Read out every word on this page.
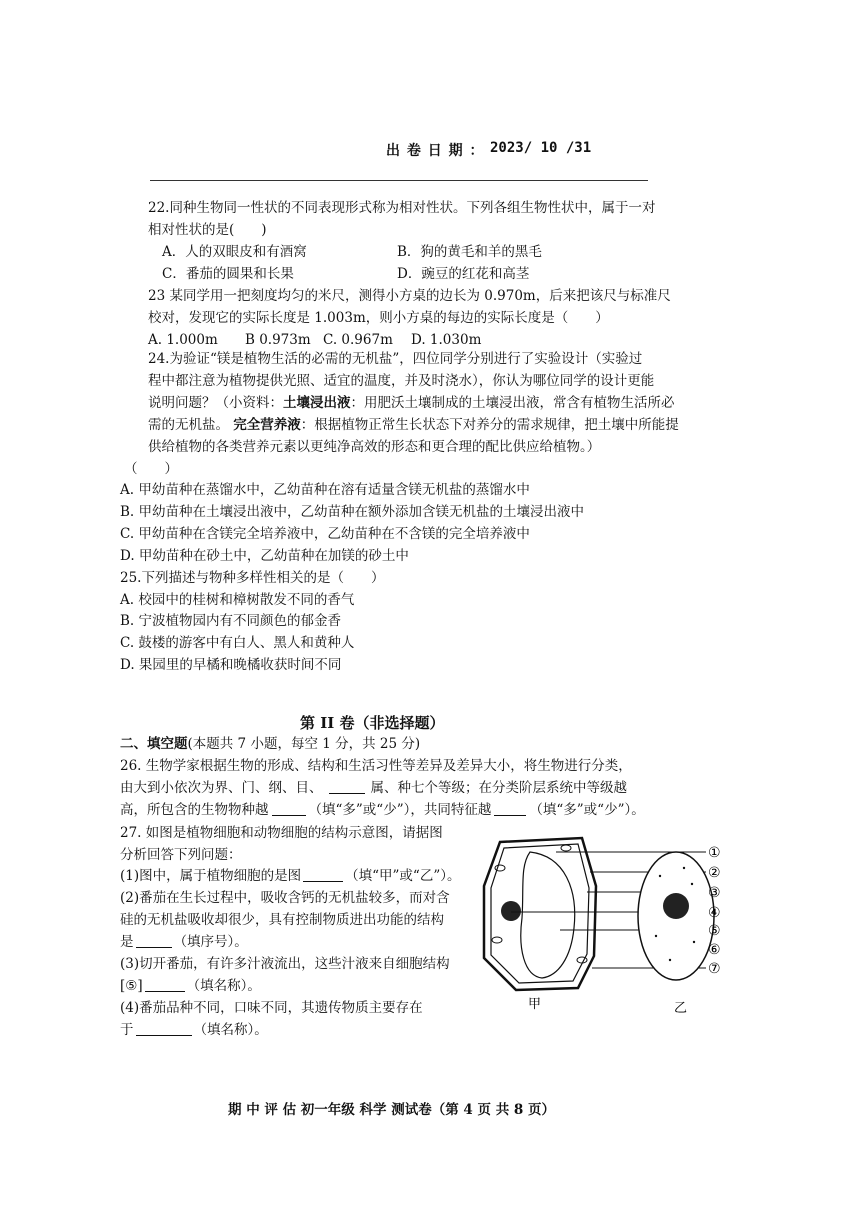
出 卷 日 期 ： 2023/ 10 /31
22.同种生物同一性状的不同表现形式称为相对性状。下列各组生物性状中，属于一对
相对性状的是(　　)
A．人的双眼皮和有酒窝	B．狗的黄毛和羊的黑毛
C．番茄的圆果和长果	D．豌豆的红花和高茎
23 某同学用一把刻度均匀的米尺，测得小方桌的边长为 0.970m，后来把该尺与标准尺
校对，发现它的实际长度是 1.003m，则小方桌的每边的实际长度是（　　）
A. 1.000m B 0.973m C. 0.967m D. 1.030m
24.为验证“镁是植物生活的必需的无机盐”，四位同学分别进行了实验设计（实验过
程中都注意为植物提供光照、适宜的温度，并及时浇水），你认为哪位同学的设计更能
说明问题？（小资料：土壤浸出液：用肥沃土壤制成的土壤浸出液，常含有植物生活所必
需的无机盐。 完全营养液：根据植物正常生长状态下对养分的需求规律，把土壤中所能提
供给植物的各类营养元素以更纯净高效的形态和更合理的配比供应给植物。）
（　　）
A. 甲幼苗种在蒸馏水中，乙幼苗种在溶有适量含镁无机盐的蒸馏水中
B. 甲幼苗种在土壤浸出液中，乙幼苗种在额外添加含镁无机盐的土壤浸出液中
C. 甲幼苗种在含镁完全培养液中，乙幼苗种在不含镁的完全培养液中
D. 甲幼苗种在砂土中，乙幼苗种在加镁的砂土中
25.下列描述与物种多样性相关的是（　　）
A. 校园中的桂树和樟树散发不同的香气
B. 宁波植物园内有不同颜色的郁金香
C. 鼓楼的游客中有白人、黑人和黄种人
D. 果园里的早橘和晚橘收获时间不同
第 II 卷（非选择题）
二、填空题(本题共 7 小题，每空 1 分，共 25 分)
26. 生物学家根据生物的形成、结构和生活习性等差异及差异大小，将生物进行分类，
由大到小依次为界、门、纲、目、	属、种七个等级；在分类阶层系统中等级越
高，所包含的生物物种越	（填“多”或“少”），共同特征越	（填“多”或“少”）。
27. 如图是植物细胞和动物细胞的结构示意图，请据图
分析回答下列问题：
(1)图中，属于植物细胞的是图	（填“甲”或“乙”）。
(2)番茄在生长过程中，吸收含钙的无机盐较多，而对含
硅的无机盐吸收却很少，具有控制物质进出功能的结构
是	（填序号）。
(3)切开番茄，有许多汁液流出，这些汁液来自细胞结构
[⑤]	（填名称）。
(4)番茄品种不同，口味不同，其遗传物质主要存在
于	（填名称）。
①
②
③
④
⑤
⑥
⑦
甲	乙
期 中 评 估 初一年级 科学 测试卷（第 4 页 共 8 页）
